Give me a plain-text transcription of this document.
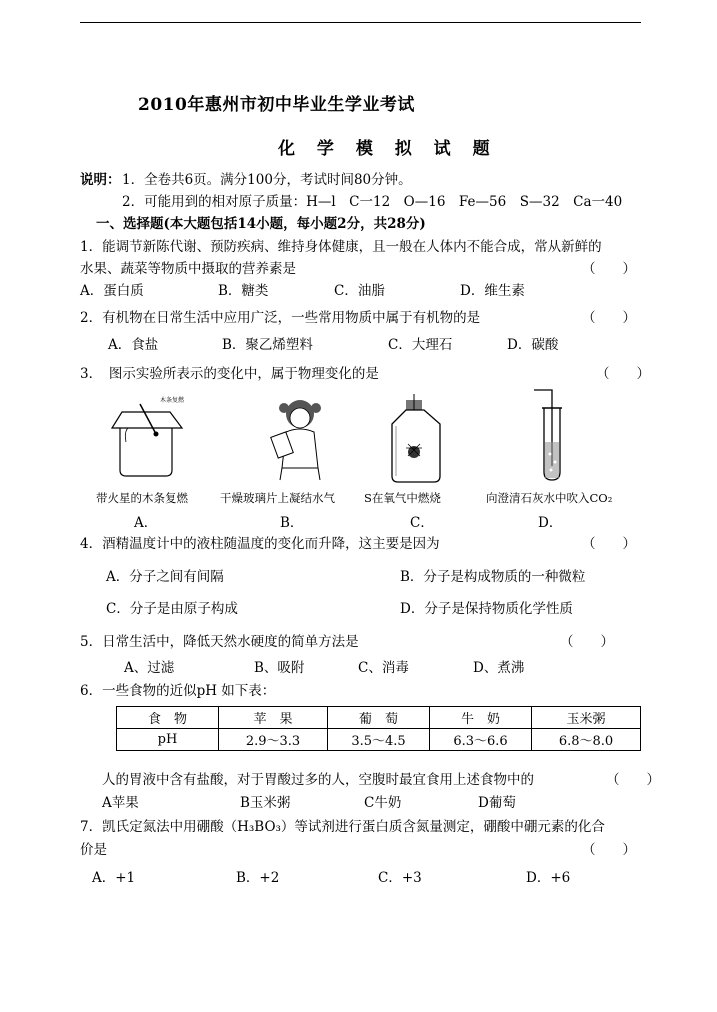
2010年惠州市初中毕业生学业考试
化 学 模 拟 试 题
说明： 1．全卷共6页。满分100分，考试时间80分钟。
2．可能用到的相对原子质量：H—l　C一12　O—16　Fe—56　S—32　Ca一40
一、选择题(本大题包括14小题，每小题2分，共28分)
1．能调节新陈代谢、预防疾病、维持身体健康，且一般在人体内不能合成，常从新鲜的
水果、蔬菜等物质中摄取的营养素是	（　　）
A．蛋白质	B．糖类	C．油脂	D．维生素
2．有机物在日常生活中应用广泛，一些常用物质中属于有机物的是	（　　）
A．食盐	B．聚乙烯塑料	C．大理石	D．碳酸
3．　图示实验所表示的变化中，属于物理变化的是	（　　）
木条复燃
带火星的木条复燃	干燥玻璃片上凝结水气	S在氧气中燃烧	向澄清石灰水中吹入CO₂
A．	B．	C．	D．
4．酒精温度计中的液柱随温度的变化而升降，这主要是因为	（　　）
A．分子之间有间隔	B．分子是构成物质的一种微粒
C．分子是由原子构成	D．分子是保持物质化学性质
5．日常生活中，降低天然水硬度的简单方法是	（　　）
A、过滤	B、吸附	C、消毒	D、煮沸
6．一些食物的近似pH 如下表：
食　物	苹　果	葡　萄	牛　奶	玉米粥
pH	2.9～3.3	3.5～4.5	6.3～6.6	6.8～8.0
人的胃液中含有盐酸，对于胃酸过多的人，空腹时最宜食用上述食物中的	（　　）
A苹果	B玉米粥	C牛奶	D葡萄
7．凯氏定氮法中用硼酸（H₃BO₃）等试剂进行蛋白质含氮量测定，硼酸中硼元素的化合
价是	（　　）
A．+1	B．+2	C．+3	D．+6
